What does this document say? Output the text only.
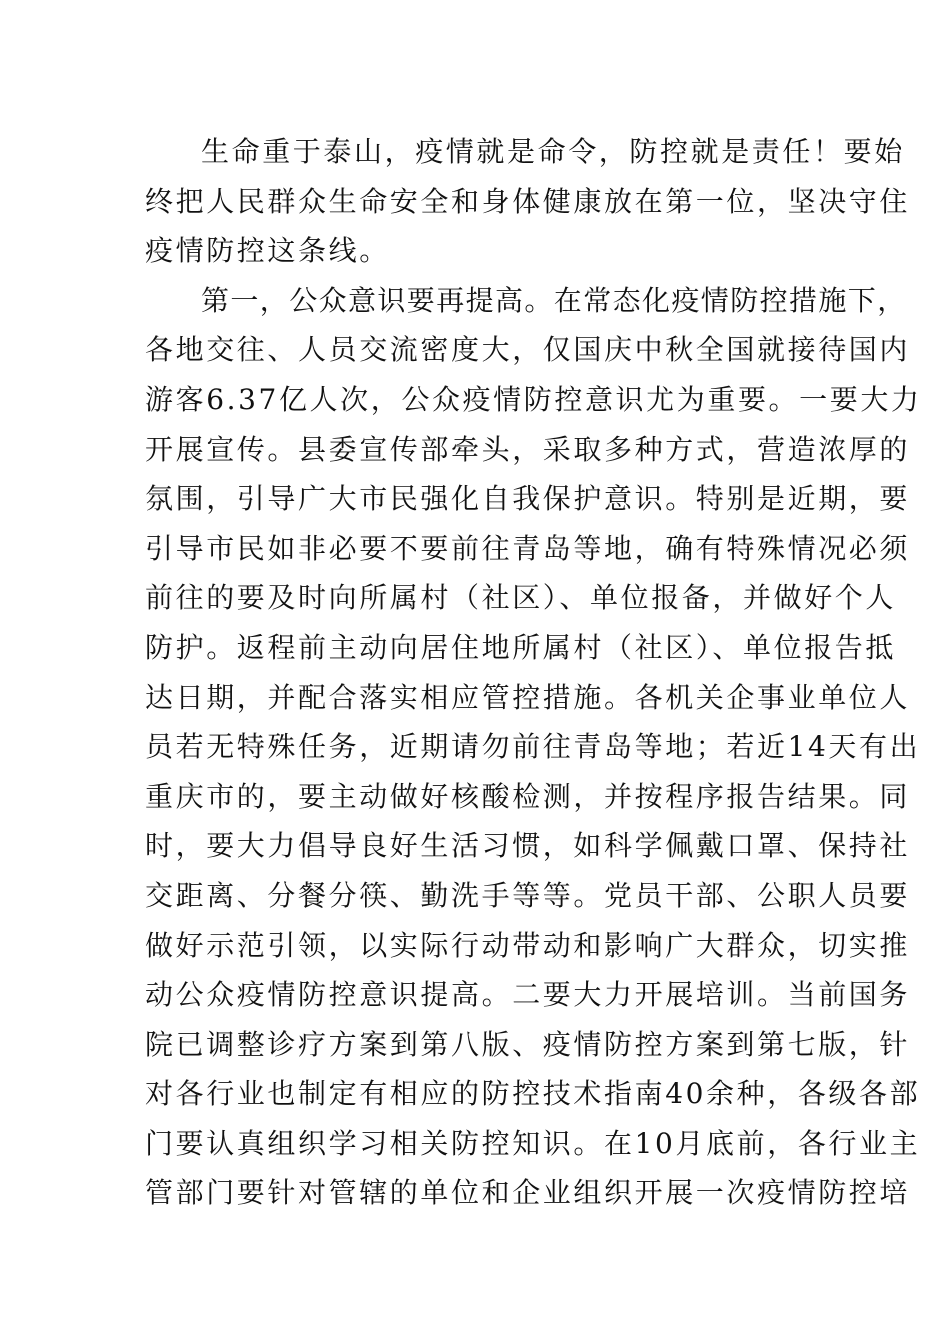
生命重于泰山，疫情就是命令，防控就是责任！要始
终把人民群众生命安全和身体健康放在第一位，坚决守住
疫情防控这条线。
第一，公众意识要再提高。在常态化疫情防控措施下，
各地交往、人员交流密度大，仅国庆中秋全国就接待国内
游客6.37亿人次，公众疫情防控意识尤为重要。一要大力
开展宣传。县委宣传部牵头，采取多种方式，营造浓厚的
氛围，引导广大市民强化自我保护意识。特别是近期，要
引导市民如非必要不要前往青岛等地，确有特殊情况必须
前往的要及时向所属村（社区）、单位报备，并做好个人
防护。返程前主动向居住地所属村（社区）、单位报告抵
达日期，并配合落实相应管控措施。各机关企事业单位人
员若无特殊任务，近期请勿前往青岛等地；若近14天有出
重庆市的，要主动做好核酸检测，并按程序报告结果。同
时，要大力倡导良好生活习惯，如科学佩戴口罩、保持社
交距离、分餐分筷、勤洗手等等。党员干部、公职人员要
做好示范引领，以实际行动带动和影响广大群众，切实推
动公众疫情防控意识提高。二要大力开展培训。当前国务
院已调整诊疗方案到第八版、疫情防控方案到第七版，针
对各行业也制定有相应的防控技术指南40余种，各级各部
门要认真组织学习相关防控知识。在10月底前，各行业主
管部门要针对管辖的单位和企业组织开展一次疫情防控培
